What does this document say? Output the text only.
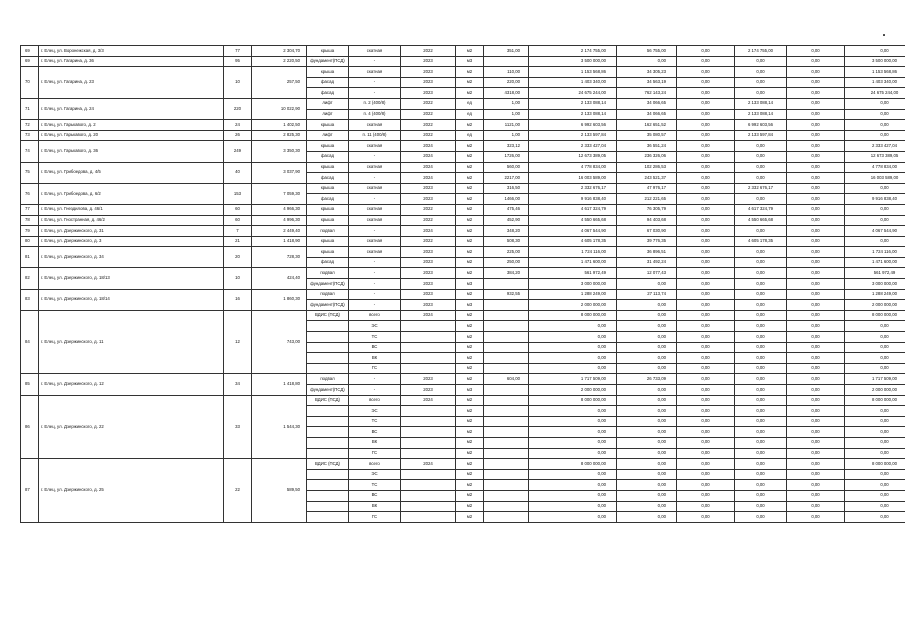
69	г. Елец, ул. Воронежская, д. 3/3	77	2 304,70	крыша	скатная	2022	м2	351,00	2 174 755,00	56 755,00	0,00	2 174 755,00	0,00	0,00
69	г. Елец, ул. Гагарина, д. 36	95	2 220,50	фундамент(ПСД)	-	2023	м3		3 500 000,00	0,00	0,00	0,00	0,00	3 500 000,00
70	г. Елец, ул. Гагарина, д. 23	10	257,50	крыша	скатная	2023	м2	110,00	1 153 568,86	34 305,23	0,00	0,00	0,00	1 153 568,86
				фасад	-	2023	м2	220,00	1 403 340,00	34 563,19	0,00	0,00	0,00	1 403 340,00
				фасад	-	2023	м2	4318,00	24 675 244,00	762 143,24	0,00	0,00	0,00	24 675 244,00
71	г. Елец, ул. Гагарина, д. 24	220	10 022,90	лифт	п. 2 (400/8)	2022	ед	1,00	2 133 088,14	34 066,65	0,00	2 133 088,14	0,00	0,00
				лифт	п. 4 (400/8)	2022	ед	1,00	2 133 088,14	34 066,65	0,00	2 133 088,14	0,00	0,00
72	г. Елец, ул. Гарькавого, д. 2	24	1 402,50	крыша	скатная	2022	м2	1121,00	6 992 603,56	162 651,52	0,00	6 992 603,56	0,00	0,00
73	г. Елец, ул. Гарькавого, д. 20	26	2 825,30	лифт	п. 11 (400/8)	2022	ед	1,00	2 133 597,84	35 080,57	0,00	2 133 597,84	0,00	0,00
74	г. Елец, ул. Гарькавого, д. 36	249	3 350,30	крыша	скатная	2024	м2	323,12	2 333 427,04	36 551,24	0,00	0,00	0,00	2 333 427,04
				фасад	-	2024	м2	1726,00	12 673 389,05	236 326,06	0,00	0,00	0,00	12 673 389,05
75	г. Елец, ул. Грибоедова, д. 4/5	40	3 037,90	крыша	скатная	2024	м2	560,00	4 778 834,00	102 286,53	0,00	0,00	0,00	4 778 834,00
				фасад	-	2024	м2	2217,00	16 003 589,00	243 521,37	0,00	0,00	0,00	16 003 589,00
76	г. Елец, ул. Грибоедова, д. 6/2	153	7 059,30	крыша	скатная	2023	м2	316,50	2 332 676,17	47 976,17	0,00	2 332 676,17	0,00	0,00
				фасад	-	2023	м2	1466,00	9 916 838,40	212 221,65	0,00	0,00	0,00	9 916 838,40
77	г. Елец, ул. Гнездилова, д. 46/1	60	4 966,30	крыша	скатная	2022	м2	475,46	4 617 324,79	76 305,79	0,00	4 617 324,79	0,00	0,00
78	г. Елец, ул. Гностранная, д. 46/2	60	4 996,30	крыша	скатная	2022	м2	452,90	4 550 665,68	94 403,68	0,00	4 550 665,68	0,00	0,00
79	г. Елец, ул. Дзержинского, д. 31	7	2 449,40	подвал	-	2024	м2	348,20	4 067 544,90	67 030,90	0,00	0,00	0,00	4 067 544,90
80	г. Елец, ул. Дзержинского, д. 3	21	1 418,90	крыша	скатная	2022	м2	508,30	4 605 178,35	39 776,35	0,00	4 605 178,35	0,00	0,00
81	г. Елец, ул. Дзержинского, д. 34	20	728,30	крыша	скатная	2023	м2	225,00	1 724 116,00	36 896,51	0,00	0,00	0,00	1 724 116,00
				фасад	-	2023	м2	250,00	1 471 600,00	31 492,24	0,00	0,00	0,00	1 471 600,00
82	г. Елец, ул. Дзержинского, д. 18/13	10	424,40	подвал	-	2023	м2	384,20	561 972,49	12 077,43	0,00	0,00	0,00	561 972,49
				фундамент(ПСД)	-	2023	м3		3 000 000,00	0,00	0,00	0,00	0,00	3 000 000,00
83	г. Елец, ул. Дзержинского, д. 18/14	16	1 860,30	подвал	-	2023	м2	932,55	1 288 249,00	27 113,74	0,00	0,00	0,00	1 288 249,00
				фундамент(ПСД)	-	2023	м3		2 000 000,00	0,00	0,00	0,00	0,00	2 000 000,00
84	г. Елец, ул. Дзержинского, д. 11	12	743,00	ВДИС (ПСД)	всего	2024	м2		8 000 000,00	0,00	0,00	0,00	0,00	8 000 000,00
					ЭС		м2		0,00	0,00	0,00	0,00	0,00	0,00
					ТС		м2		0,00	0,00	0,00	0,00	0,00	0,00
					ВС		м2		0,00	0,00	0,00	0,00	0,00	0,00
					ВК		м2		0,00	0,00	0,00	0,00	0,00	0,00
					ГС		м2		0,00	0,00	0,00	0,00	0,00	0,00
85	г. Елец, ул. Дзержинского, д. 12	34	1 418,80	подвал	-	2023	м2	604,00	1 717 509,00	26 733,09	0,00	0,00	0,00	1 717 509,00
				фундамент(ПСД)	-	2023	м3		2 000 000,00	0,00	0,00	0,00	0,00	2 000 000,00
86	г. Елец, ул. Дзержинского, д. 22	33	1 544,30	ВДИС (ПСД)	всего	2024	м2		8 000 000,00	0,00	0,00	0,00	0,00	8 000 000,00
					ЭС		м2		0,00	0,00	0,00	0,00	0,00	0,00
					ТС		м2		0,00	0,00	0,00	0,00	0,00	0,00
					ВС		м2		0,00	0,00	0,00	0,00	0,00	0,00
					ВК		м2		0,00	0,00	0,00	0,00	0,00	0,00
					ГС		м2		0,00	0,00	0,00	0,00	0,00	0,00
87	г. Елец, ул. Дзержинского, д. 25	22	589,50	ВДИС (ПСД)	всего	2024	м2		8 000 000,00	0,00	0,00	0,00	0,00	8 000 000,00
					ЭС		м2		0,00	0,00	0,00	0,00	0,00	0,00
					ТС		м2		0,00	0,00	0,00	0,00	0,00	0,00
					ВС		м2		0,00	0,00	0,00	0,00	0,00	0,00
					ВК		м2		0,00	0,00	0,00	0,00	0,00	0,00
					ГС		м2		0,00	0,00	0,00	0,00	0,00	0,00
